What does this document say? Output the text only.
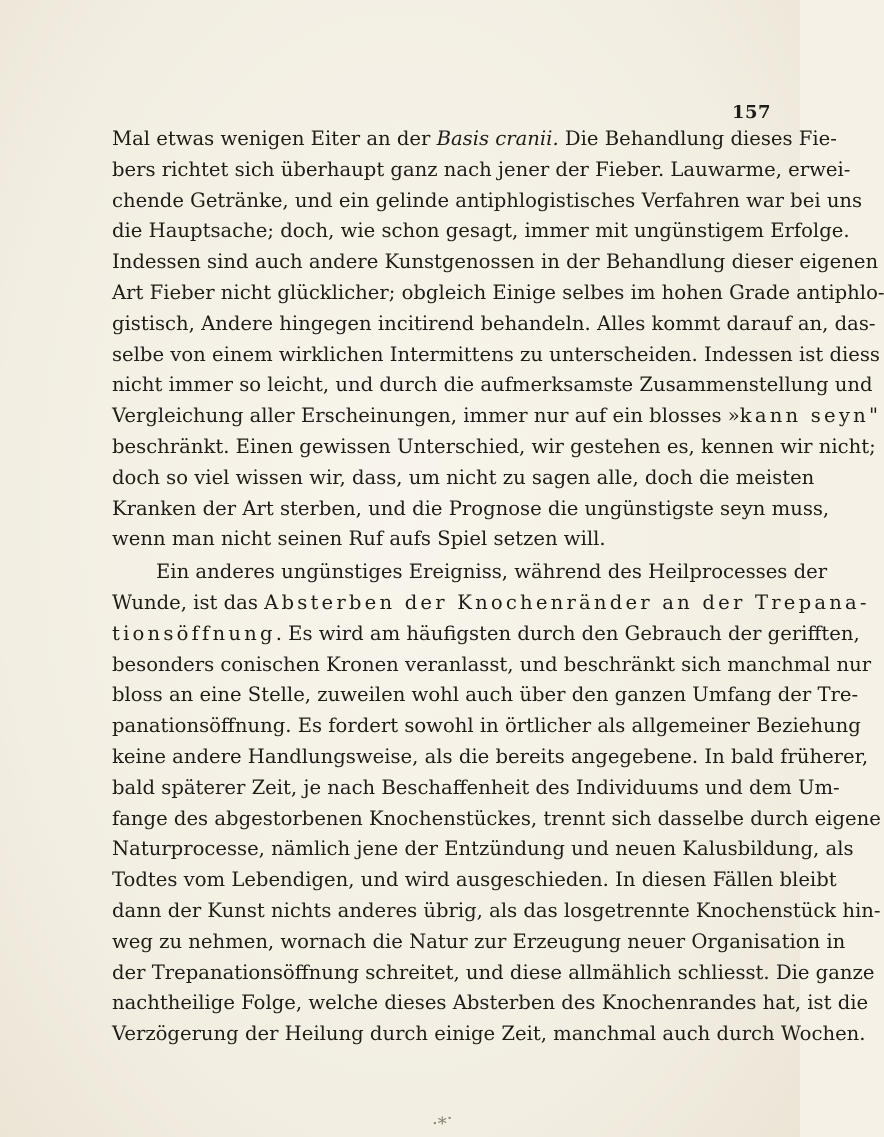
157
Mal etwas wenigen Eiter an der Basis cranii. Die Behandlung dieses Fie-
bers richtet sich überhaupt ganz nach jener der Fieber. Lauwarme, erwei-
chende Getränke, und ein gelinde antiphlogistisches Verfahren war bei uns
die Hauptsache; doch, wie schon gesagt, immer mit ungünstigem Erfolge.
Indessen sind auch andere Kunstgenossen in der Behandlung dieser eigenen
Art Fieber nicht glücklicher; obgleich Einige selbes im hohen Grade antiphlo-
gistisch, Andere hingegen incitirend behandeln. Alles kommt darauf an, das-
selbe von einem wirklichen Intermittens zu unterscheiden. Indessen ist diess
nicht immer so leicht, und durch die aufmerksamste Zusammenstellung und
Vergleichung aller Erscheinungen, immer nur auf ein blosses »kann seyn"
beschränkt. Einen gewissen Unterschied, wir gestehen es, kennen wir nicht;
doch so viel wissen wir, dass, um nicht zu sagen alle, doch die meisten
Kranken der Art sterben, und die Prognose die ungünstigste seyn muss,
wenn man nicht seinen Ruf aufs Spiel setzen will.
Ein anderes ungünstiges Ereigniss, während des Heilprocesses der
Wunde, ist das Absterben der Knochenränder an der Trepana-
tionsöffnung. Es wird am häufigsten durch den Gebrauch der gerifften,
besonders conischen Kronen veranlasst, und beschränkt sich manchmal nur
bloss an eine Stelle, zuweilen wohl auch über den ganzen Umfang der Tre-
panationsöffnung. Es fordert sowohl in örtlicher als allgemeiner Beziehung
keine andere Handlungsweise, als die bereits angegebene. In bald früherer,
bald späterer Zeit, je nach Beschaffenheit des Individuums und dem Um-
fange des abgestorbenen Knochenstückes, trennt sich dasselbe durch eigene
Naturprocesse, nämlich jene der Entzündung und neuen Kalusbildung, als
Todtes vom Lebendigen, und wird ausgeschieden. In diesen Fällen bleibt
dann der Kunst nichts anderes übrig, als das losgetrennte Knochenstück hin-
weg zu nehmen, wornach die Natur zur Erzeugung neuer Organisation in
der Trepanationsöffnung schreitet, und diese allmählich schliesst. Die ganze
nachtheilige Folge, welche dieses Absterben des Knochenrandes hat, ist die
Verzögerung der Heilung durch einige Zeit, manchmal auch durch Wochen.
.⁎·
